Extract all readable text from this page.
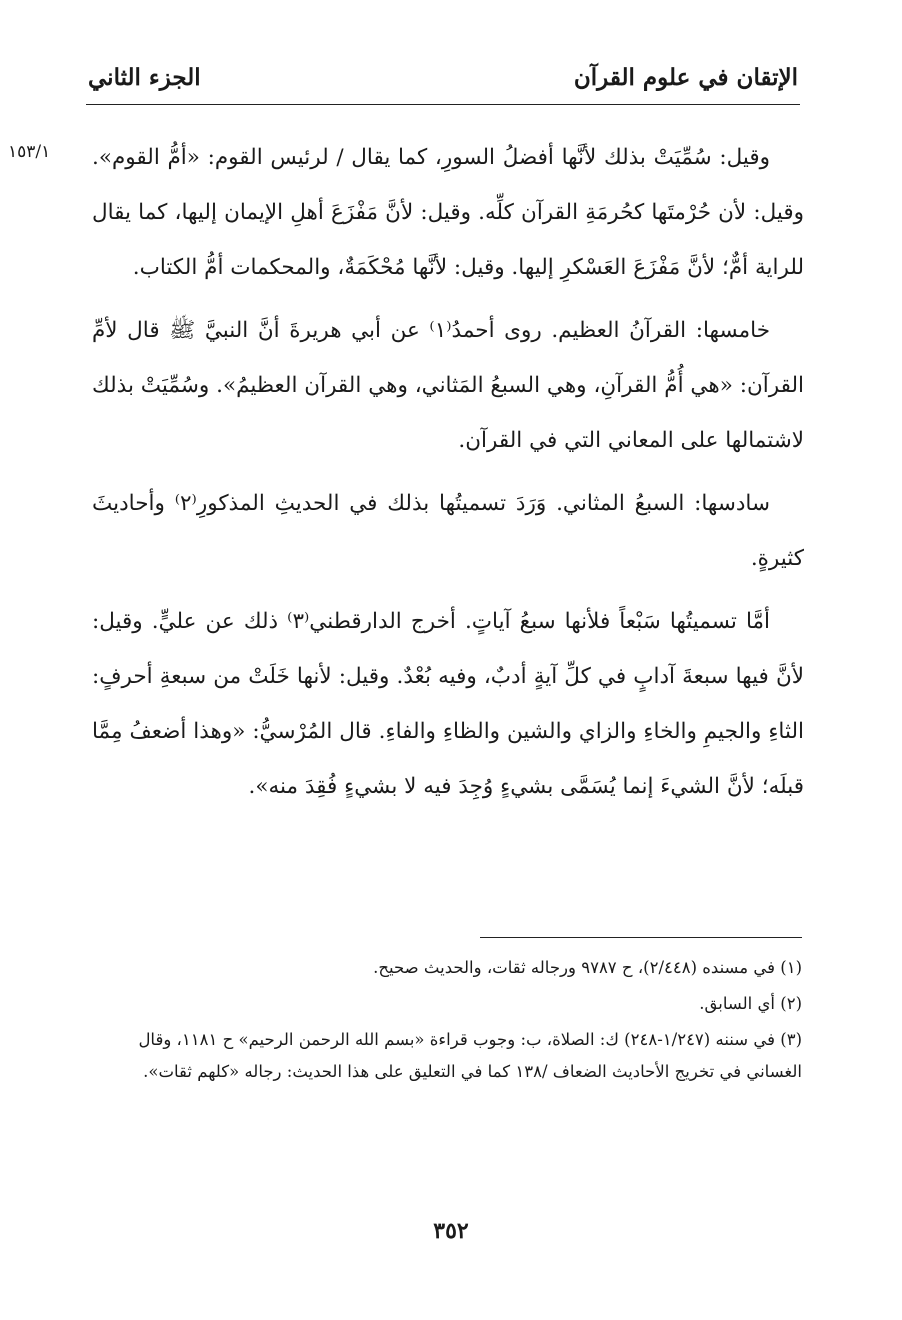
الإتقان في علوم القرآن
الجزء الثاني
١٥٣/١ وقيل: سُمِّيَتْ بذلك لأنَّها أفضلُ السورِ، كما يقال / لرئيس القوم: «أمُّ القوم». وقيل: لأن حُرْمتَها كحُرمَةِ القرآن كلِّه. وقيل: لأنَّ مَفْزَعَ أهلِ الإيمان إليها، كما يقال للراية أمٌّ؛ لأنَّ مَفْزَعَ العَسْكرِ إليها. وقيل: لأنَّها مُحْكَمَةٌ، والمحكمات أمُّ الكتاب.

خامسها: القرآنُ العظيم. روى أحمدُ⁽١⁾ عن أبي هريرةَ أنَّ النبيَّ ﷺ قال لأمِّ القرآن: «هي أُمُّ القرآنِ، وهي السبعُ المَثاني، وهي القرآن العظيمُ». وسُمِّيَتْ بذلك لاشتمالها على المعاني التي في القرآن.

سادسها: السبعُ المثاني. وَرَدَ تسميتُها بذلك في الحديثِ المذكورِ⁽٢⁾ وأحاديثَ كثيرةٍ.

أمَّا تسميتُها سَبْعاً فلأنها سبعُ آياتٍ. أخرج الدارقطني⁽٣⁾ ذلك عن عليٍّ. وقيل: لأنَّ فيها سبعةَ آدابٍ في كلِّ آيةٍ أدبٌ، وفيه بُعْدٌ. وقيل: لأنها خَلَتْ من سبعةِ أحرفٍ: الثاءِ والجيمِ والخاءِ والزاي والشين والظاءِ والفاءِ. قال المُرْسيُّ: «وهذا أضعفُ مِمَّا قبلَه؛ لأنَّ الشيءَ إنما يُسَمَّى بشيءٍ وُجِدَ فيه لا بشيءٍ فُقِدَ منه».

(١) في مسنده (٢/٤٤٨)، ح ٩٧٨٧ ورجاله ثقات، والحديث صحيح.

(٢) أي السابق.

(٣) في سننه (١/٢٤٧-٢٤٨) ك: الصلاة، ب: وجوب قراءة «بسم الله الرحمن الرحيم» ح ١١٨١، وقال الغساني في تخريج الأحاديث الضعاف /١٣٨ كما في التعليق على هذا الحديث: رجاله «كلهم ثقات».

٣٥٢
